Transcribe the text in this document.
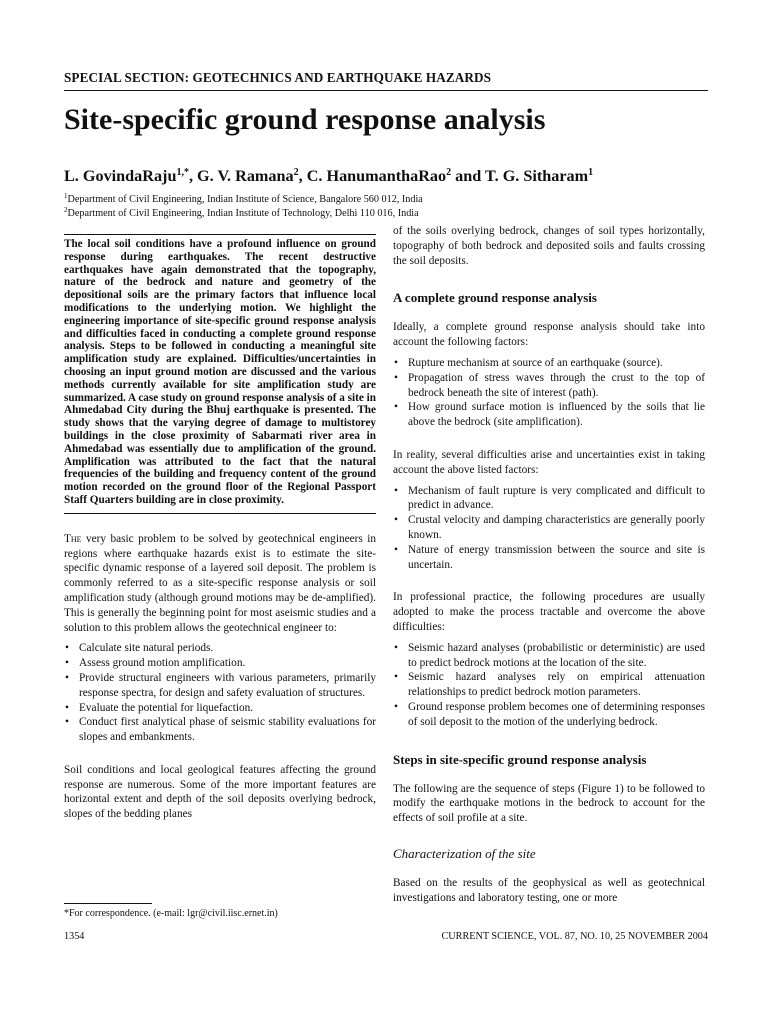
SPECIAL SECTION: GEOTECHNICS AND EARTHQUAKE HAZARDS
Site-specific ground response analysis
L. GovindaRaju$^{1,*}$, G. V. Ramana$^2$, C. HanumanthaRao$^2$ and T. G. Sitharam$^1$
$^1$Department of Civil Engineering, Indian Institute of Science, Bangalore 560 012, India
$^2$Department of Civil Engineering, Indian Institute of Technology, Delhi 110 016, India
The local soil conditions have a profound influence on ground response during earthquakes. The recent destructive earthquakes have again demonstrated that the topography, nature of the bedrock and nature and geometry of the depositional soils are the primary factors that influence local modifications to the underlying motion. We highlight the engineering importance of site-specific ground response analysis and difficulties faced in conducting a complete ground response analysis. Steps to be followed in conducting a meaningful site amplification study are explained. Difficulties/uncertainties in choosing an input ground motion are discussed and the various methods currently available for site amplification study are summarized. A case study on ground response analysis of a site in Ahmedabad City during the Bhuj earthquake is presented. The study shows that the varying degree of damage to multistorey buildings in the close proximity of Sabarmati river area in Ahmedabad was essentially due to amplification of the ground. Amplification was attributed to the fact that the natural frequencies of the building and frequency content of the ground motion recorded on the ground floor of the Regional Passport Staff Quarters building are in close proximity.

The very basic problem to be solved by geotechnical engineers in regions where earthquake hazards exist is to estimate the site-specific dynamic response of a layered soil deposit. The problem is commonly referred to as a site-specific response analysis or soil amplification study (although ground motions may be de-amplified). This is generally the beginning point for most aseismic studies and a solution to this problem allows the geotechnical engineer to:

• Calculate site natural periods.
• Assess ground motion amplification.
• Provide structural engineers with various parameters, primarily response spectra, for design and safety evaluation of structures.
• Evaluate the potential for liquefaction.
• Conduct first analytical phase of seismic stability evaluations for slopes and embankments.

Soil conditions and local geological features affecting the ground response are numerous. Some of the more important features are horizontal extent and depth of the soil deposits overlying bedrock, slopes of the bedding planes

of the soils overlying bedrock, changes of soil types horizontally, topography of both bedrock and deposited soils and faults crossing the soil deposits.

A complete ground response analysis

Ideally, a complete ground response analysis should take into account the following factors:

• Rupture mechanism at source of an earthquake (source).
• Propagation of stress waves through the crust to the top of bedrock beneath the site of interest (path).
• How ground surface motion is influenced by the soils that lie above the bedrock (site amplification).

In reality, several difficulties arise and uncertainties exist in taking account the above listed factors:

• Mechanism of fault rupture is very complicated and difficult to predict in advance.
• Crustal velocity and damping characteristics are generally poorly known.
• Nature of energy transmission between the source and site is uncertain.

In professional practice, the following procedures are usually adopted to make the process tractable and overcome the above difficulties:

• Seismic hazard analyses (probabilistic or deterministic) are used to predict bedrock motions at the location of the site.
• Seismic hazard analyses rely on empirical attenuation relationships to predict bedrock motion parameters.
• Ground response problem becomes one of determining responses of soil deposit to the motion of the underlying bedrock.
Steps in site-specific ground response analysis

The following are the sequence of steps (Figure 1) to be followed to modify the earthquake motions in the bedrock to account for the effects of soil profile at a site.

Characterization of the site

Based on the results of the geophysical as well as geotechnical investigations and laboratory testing, one or more

*For correspondence. (e-mail: lgr@civil.iisc.ernet.in)
1354	CURRENT SCIENCE, VOL. 87, NO. 10, 25 NOVEMBER 2004
